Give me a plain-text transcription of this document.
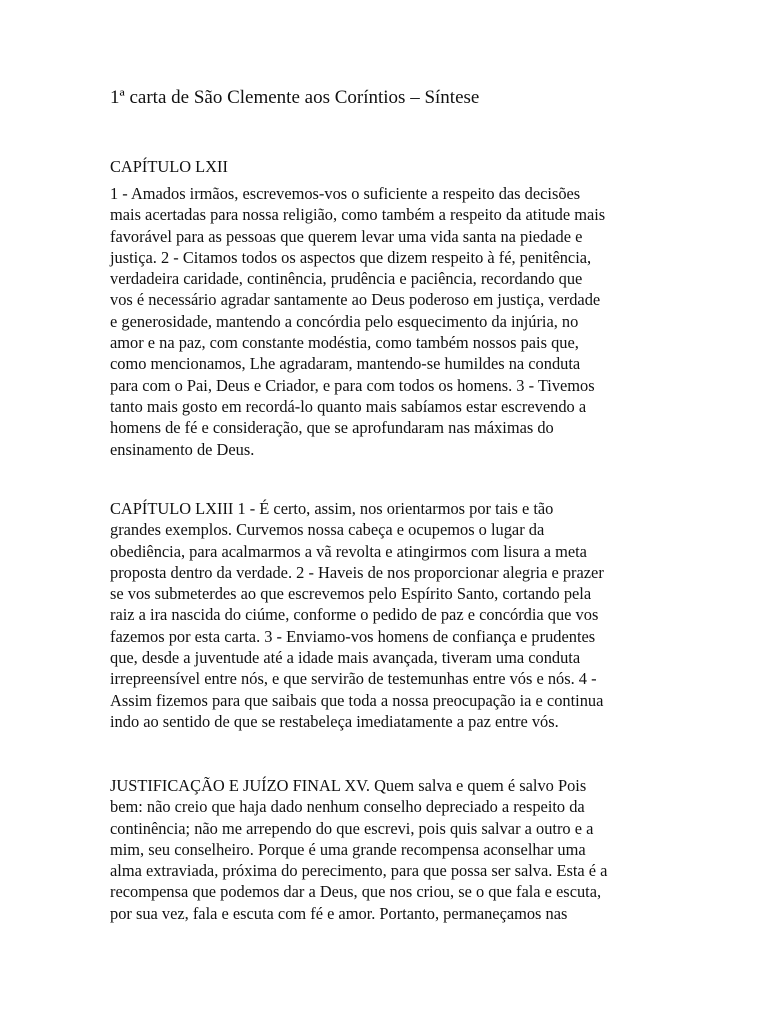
1ª carta de São Clemente aos Coríntios – Síntese
CAPÍTULO LXII

1 - Amados irmãos, escrevemos-vos o suficiente a respeito das decisões
mais acertadas para nossa religião, como também a respeito da atitude mais
favorável para as pessoas que querem levar uma vida santa na piedade e
justiça. 2 - Citamos todos os aspectos que dizem respeito à fé, penitência,
verdadeira caridade, continência, prudência e paciência, recordando que
vos é necessário agradar santamente ao Deus poderoso em justiça, verdade
e generosidade, mantendo a concórdia pelo esquecimento da injúria, no
amor e na paz, com constante modéstia, como também nossos pais que,
como mencionamos, Lhe agradaram, mantendo-se humildes na conduta
para com o Pai, Deus e Criador, e para com todos os homens. 3 - Tivemos
tanto mais gosto em recordá-lo quanto mais sabíamos estar escrevendo a
homens de fé e consideração, que se aprofundaram nas máximas do
ensinamento de Deus.

CAPÍTULO LXIII 1 - É certo, assim, nos orientarmos por tais e tão
grandes exemplos. Curvemos nossa cabeça e ocupemos o lugar da
obediência, para acalmarmos a vã revolta e atingirmos com lisura a meta
proposta dentro da verdade. 2 - Haveis de nos proporcionar alegria e prazer
se vos submeterdes ao que escrevemos pelo Espírito Santo, cortando pela
raiz a ira nascida do ciúme, conforme o pedido de paz e concórdia que vos
fazemos por esta carta. 3 - Enviamo-vos homens de confiança e prudentes
que, desde a juventude até a idade mais avançada, tiveram uma conduta
irrepreensível entre nós, e que servirão de testemunhas entre vós e nós. 4 -
Assim fizemos para que saibais que toda a nossa preocupação ia e continua
indo ao sentido de que se restabeleça imediatamente a paz entre vós.

JUSTIFICAÇÃO E JUÍZO FINAL XV. Quem salva e quem é salvo Pois
bem: não creio que haja dado nenhum conselho depreciado a respeito da
continência; não me arrependo do que escrevi, pois quis salvar a outro e a
mim, seu conselheiro. Porque é uma grande recompensa aconselhar uma
alma extraviada, próxima do perecimento, para que possa ser salva. Esta é a
recompensa que podemos dar a Deus, que nos criou, se o que fala e escuta,
por sua vez, fala e escuta com fé e amor. Portanto, permaneçamos nas
